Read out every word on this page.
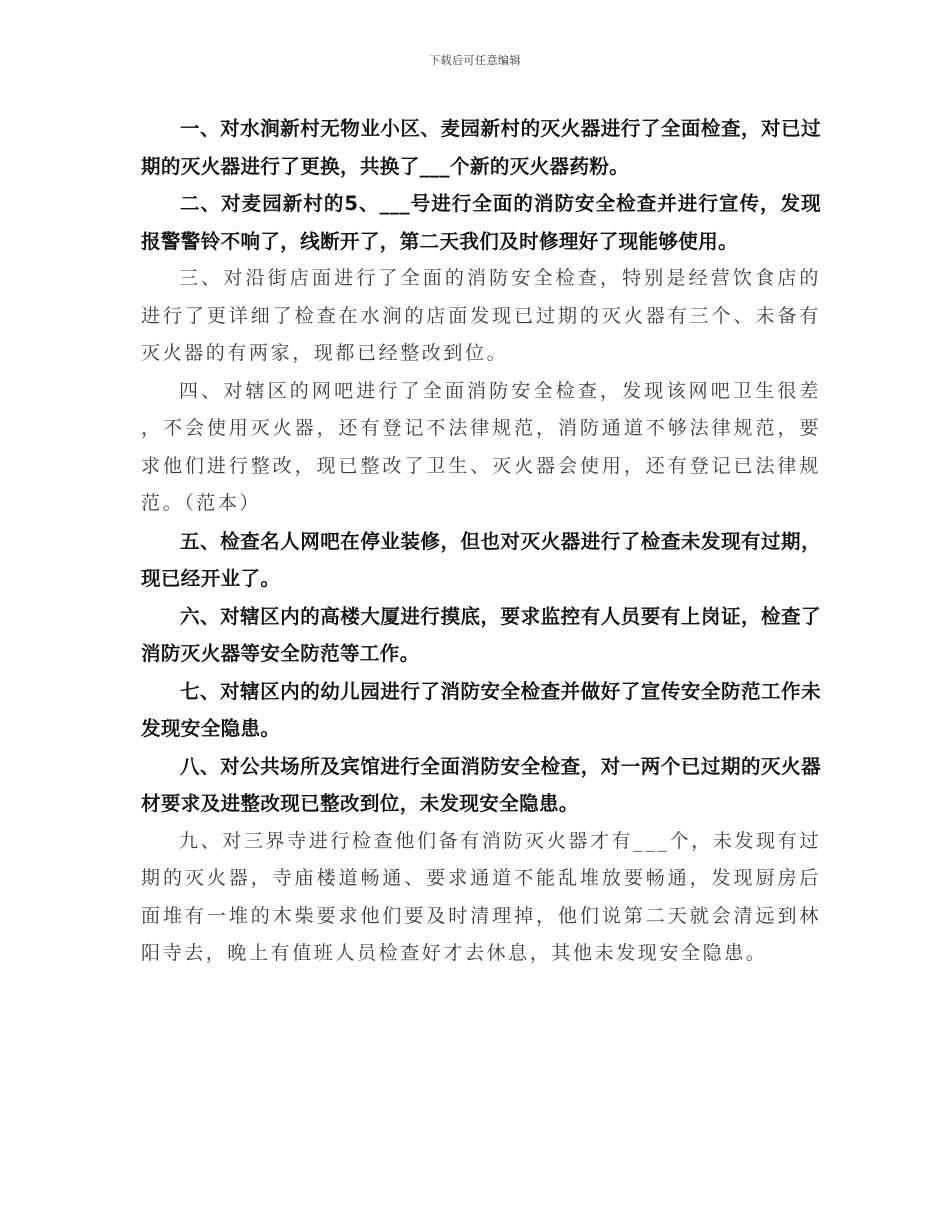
下载后可任意编辑

一、对水涧新村无物业小区、麦园新村的灭火器进行了全面检查，对已过期的灭火器进行了更换，共换了___个新的灭火器药粉。

二、对麦园新村的5、___号进行全面的消防安全检查并进行宣传，发现报警警铃不响了，线断开了，第二天我们及时修理好了现能够使用。

三、对沿街店面进行了全面的消防安全检查，特别是经营饮食店的进行了更详细了检查在水涧的店面发现已过期的灭火器有三个、未备有灭火器的有两家，现都已经整改到位。

四、对辖区的网吧进行了全面消防安全检查，发现该网吧卫生很差，不会使用灭火器，还有登记不法律规范，消防通道不够法律规范，要求他们进行整改，现已整改了卫生、灭火器会使用，还有登记已法律规范。（范本）

五、检查名人网吧在停业装修，但也对灭火器进行了检查未发现有过期，现已经开业了。

六、对辖区内的高楼大厦进行摸底，要求监控有人员要有上岗证，检查了消防灭火器等安全防范等工作。

七、对辖区内的幼儿园进行了消防安全检查并做好了宣传安全防范工作未发现安全隐患。

八、对公共场所及宾馆进行全面消防安全检查，对一两个已过期的灭火器材要求及进整改现已整改到位，未发现安全隐患。

九、对三界寺进行检查他们备有消防灭火器才有___个，未发现有过期的灭火器，寺庙楼道畅通、要求通道不能乱堆放要畅通，发现厨房后面堆有一堆的木柴要求他们要及时清理掉，他们说第二天就会清远到林阳寺去，晚上有值班人员检查好才去休息，其他未发现安全隐患。
